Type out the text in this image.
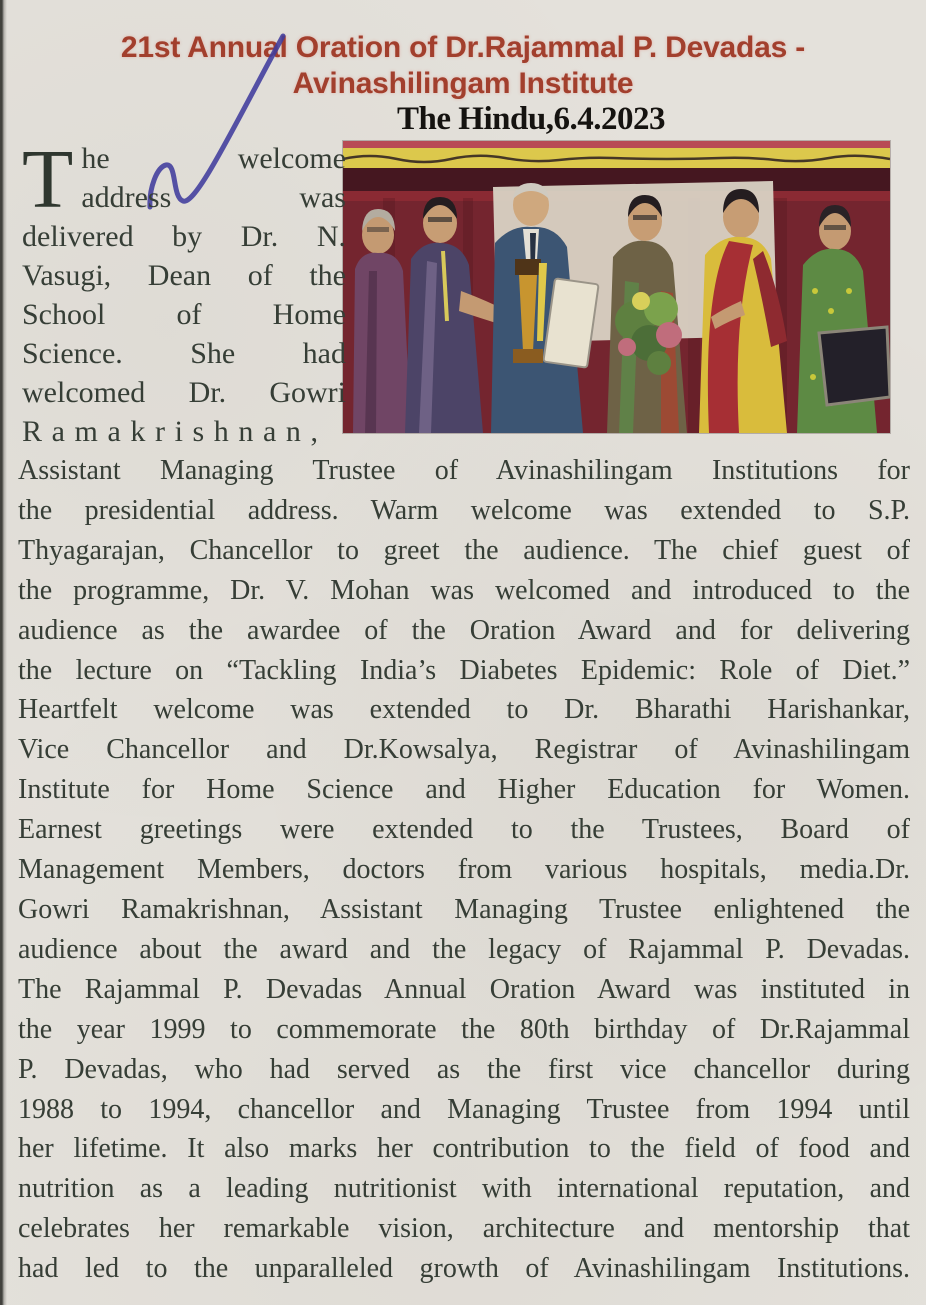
21st Annual Oration of Dr.Rajammal P. Devadas -
Avinashilingam Institute
The Hindu,6.4.2023
T he welcome
address was
delivered by Dr. N.
Vasugi, Dean of the
School of Home
Science. She had
welcomed Dr. Gowri
Ramakrishnan,
Assistant Managing Trustee of Avinashilingam Institutions for
the presidential address. Warm welcome was extended to S.P.
Thyagarajan, Chancellor to greet the audience. The chief guest of
the programme, Dr. V. Mohan was welcomed and introduced to the
audience as the awardee of the Oration Award and for delivering
the lecture on “Tackling India’s Diabetes Epidemic: Role of Diet.”
Heartfelt welcome was extended to Dr. Bharathi Harishankar,
Vice Chancellor and Dr.Kowsalya, Registrar of Avinashilingam
Institute for Home Science and Higher Education for Women.
Earnest greetings were extended to the Trustees, Board of
Management Members, doctors from various hospitals, media.Dr.
Gowri Ramakrishnan, Assistant Managing Trustee enlightened the
audience about the award and the legacy of Rajammal P. Devadas.
The Rajammal P. Devadas Annual Oration Award was instituted in
the year 1999 to commemorate the 80th birthday of Dr.Rajammal
P. Devadas, who had served as the first vice chancellor during
1988 to 1994, chancellor and Managing Trustee from 1994 until
her lifetime. It also marks her contribution to the field of food and
nutrition as a leading nutritionist with international reputation, and
celebrates her remarkable vision, architecture and mentorship that
had led to the unparalleled growth of Avinashilingam Institutions.
